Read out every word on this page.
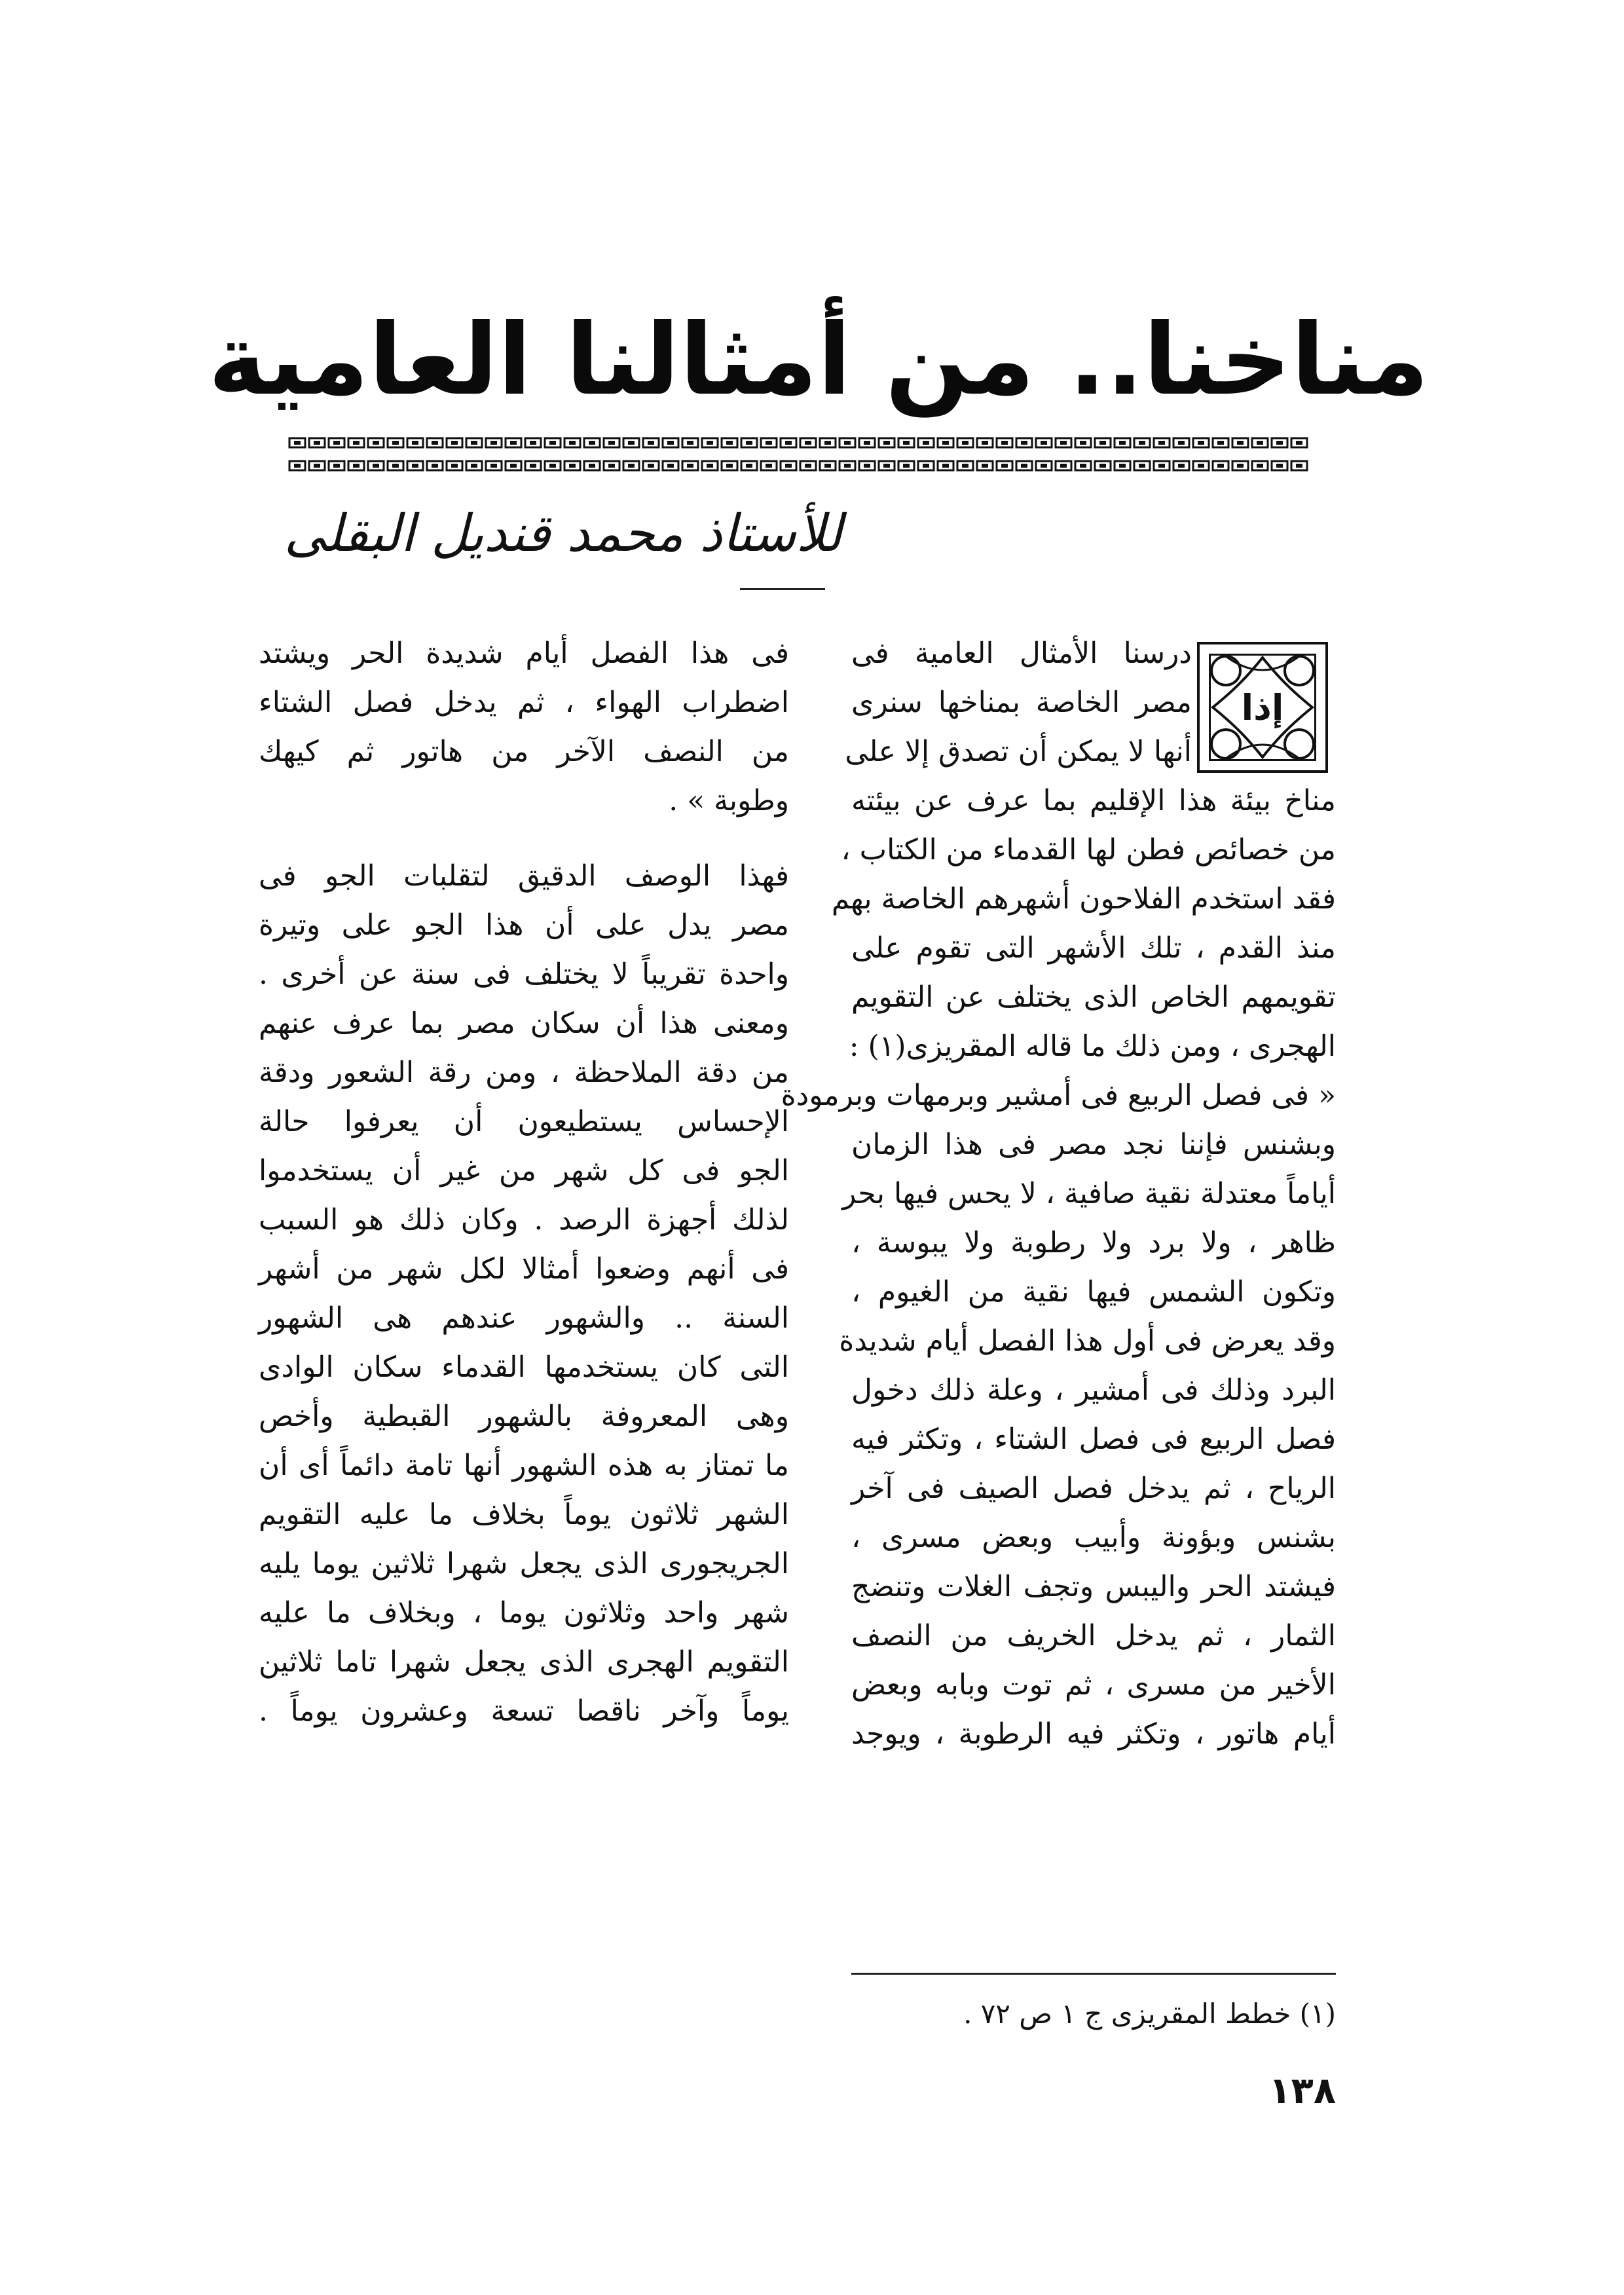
مناخنا.. من أمثالنا العامية
للأستاذ محمد قنديل البقلى
إذا

درسنا الأمثال العامية فى

مصر الخاصة بمناخها سنرى

أنها لا يمكن أن تصدق إلا على

مناخ بيئة هذا الإقليم بما عرف عن بيئته

من خصائص فطن لها القدماء من الكتاب ،

فقد استخدم الفلاحون أشهرهم الخاصة بهم

منذ القدم ، تلك الأشهر التى تقوم على

تقويمهم الخاص الذى يختلف عن التقويم

الهجرى ، ومن ذلك ما قاله المقريزى(١) :

« فى فصل الربيع فى أمشير وبرمهات وبرمودة

وبشنس فإننا نجد مصر فى هذا الزمان

أياماً معتدلة نقية صافية ، لا يحس فيها بحر

ظاهر ، ولا برد ولا رطوبة ولا يبوسة ،

وتكون الشمس فيها نقية من الغيوم ،

وقد يعرض فى أول هذا الفصل أيام شديدة

البرد وذلك فى أمشير ، وعلة ذلك دخول

فصل الربيع فى فصل الشتاء ، وتكثر فيه

الرياح ، ثم يدخل فصل الصيف فى آخر

بشنس وبؤونة وأبيب وبعض مسرى ،

فيشتد الحر واليبس وتجف الغلات وتنضج

الثمار ، ثم يدخل الخريف من النصف

الأخير من مسرى ، ثم توت وبابه وبعض

أيام هاتور ، وتكثر فيه الرطوبة ، ويوجد

فى هذا الفصل أيام شديدة الحر ويشتد

اضطراب الهواء ، ثم يدخل فصل الشتاء

من النصف الآخر من هاتور ثم كيهك

وطوبة » .

فهذا الوصف الدقيق لتقلبات الجو فى

مصر يدل على أن هذا الجو على وتيرة

واحدة تقريباً لا يختلف فى سنة عن أخرى .

ومعنى هذا أن سكان مصر بما عرف عنهم

من دقة الملاحظة ، ومن رقة الشعور ودقة

الإحساس يستطيعون أن يعرفوا حالة

الجو فى كل شهر من غير أن يستخدموا

لذلك أجهزة الرصد . وكان ذلك هو السبب

فى أنهم وضعوا أمثالا لكل شهر من أشهر

السنة .. والشهور عندهم هى الشهور

التى كان يستخدمها القدماء سكان الوادى

وهى المعروفة بالشهور القبطية وأخص

ما تمتاز به هذه الشهور أنها تامة دائماً أى أن

الشهر ثلاثون يوماً بخلاف ما عليه التقويم

الجريجورى الذى يجعل شهرا ثلاثين يوما يليه

شهر واحد وثلاثون يوما ، وبخلاف ما عليه

التقويم الهجرى الذى يجعل شهرا تاما ثلاثين

يوماً وآخر ناقصا تسعة وعشرون يوماً .

(١) خطط المقريزى ج ١ ص ٧٢ .
١٣٨
